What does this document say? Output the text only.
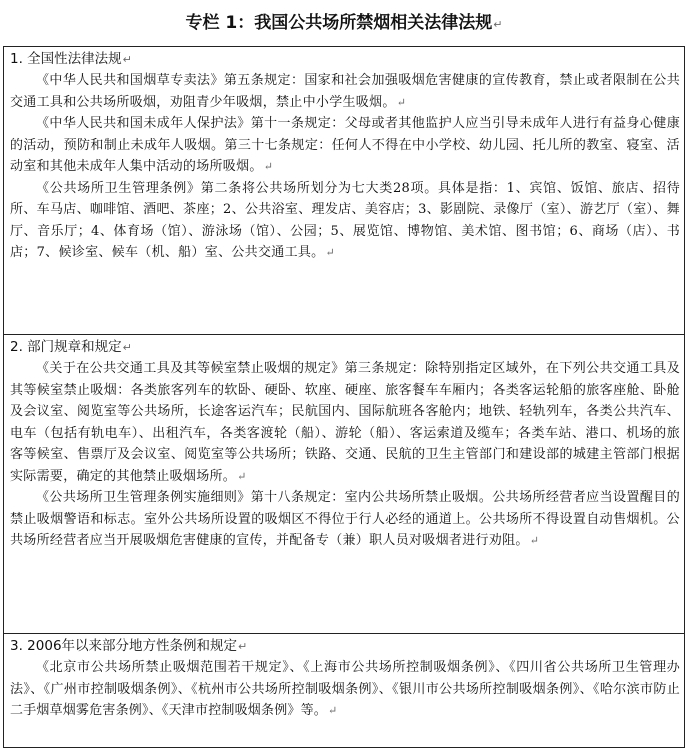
专栏 1：我国公共场所禁烟相关法律法规↵
1. 全国性法律法规↵

《中华人民共和国烟草专卖法》第五条规定：国家和社会加强吸烟危害健康的宣传教育，禁止或者限制在公共交通工具和公共场所吸烟，劝阻青少年吸烟，禁止中小学生吸烟。↵

《中华人民共和国未成年人保护法》第十一条规定：父母或者其他监护人应当引导未成年人进行有益身心健康的活动，预防和制止未成年人吸烟。第三十七条规定：任何人不得在中小学校、幼儿园、托儿所的教室、寝室、活动室和其他未成年人集中活动的场所吸烟。↵

《公共场所卫生管理条例》第二条将公共场所划分为七大类28项。具体是指：1、宾馆、饭馆、旅店、招待所、车马店、咖啡馆、酒吧、茶座；2、公共浴室、理发店、美容店；3、影剧院、录像厅（室）、游艺厅（室）、舞厅、音乐厅；4、体育场（馆）、游泳场（馆）、公园；5、展览馆、博物馆、美术馆、图书馆；6、商场（店）、书店；7、候诊室、候车（机、船）室、公共交通工具。↵

2. 部门规章和规定↵

《关于在公共交通工具及其等候室禁止吸烟的规定》第三条规定：除特别指定区域外，在下列公共交通工具及其等候室禁止吸烟：各类旅客列车的软卧、硬卧、软座、硬座、旅客餐车车厢内；各类客运轮船的旅客座舱、卧舱及会议室、阅览室等公共场所，长途客运汽车；民航国内、国际航班各客舱内；地铁、轻轨列车，各类公共汽车、电车（包括有轨电车）、出租汽车，各类客渡轮（船）、游轮（船）、客运索道及缆车；各类车站、港口、机场的旅客等候室、售票厅及会议室、阅览室等公共场所；铁路、交通、民航的卫生主管部门和建设部的城建主管部门根据实际需要，确定的其他禁止吸烟场所。↵

《公共场所卫生管理条例实施细则》第十八条规定：室内公共场所禁止吸烟。公共场所经营者应当设置醒目的禁止吸烟警语和标志。室外公共场所设置的吸烟区不得位于行人必经的通道上。公共场所不得设置自动售烟机。公共场所经营者应当开展吸烟危害健康的宣传，并配备专（兼）职人员对吸烟者进行劝阻。↵

3. 2006年以来部分地方性条例和规定↵

《北京市公共场所禁止吸烟范围若干规定》、《上海市公共场所控制吸烟条例》、《四川省公共场所卫生管理办法》、《广州市控制吸烟条例》、《杭州市公共场所控制吸烟条例》、《银川市公共场所控制吸烟条例》、《哈尔滨市防止二手烟草烟雾危害条例》、《天津市控制吸烟条例》等。↵
